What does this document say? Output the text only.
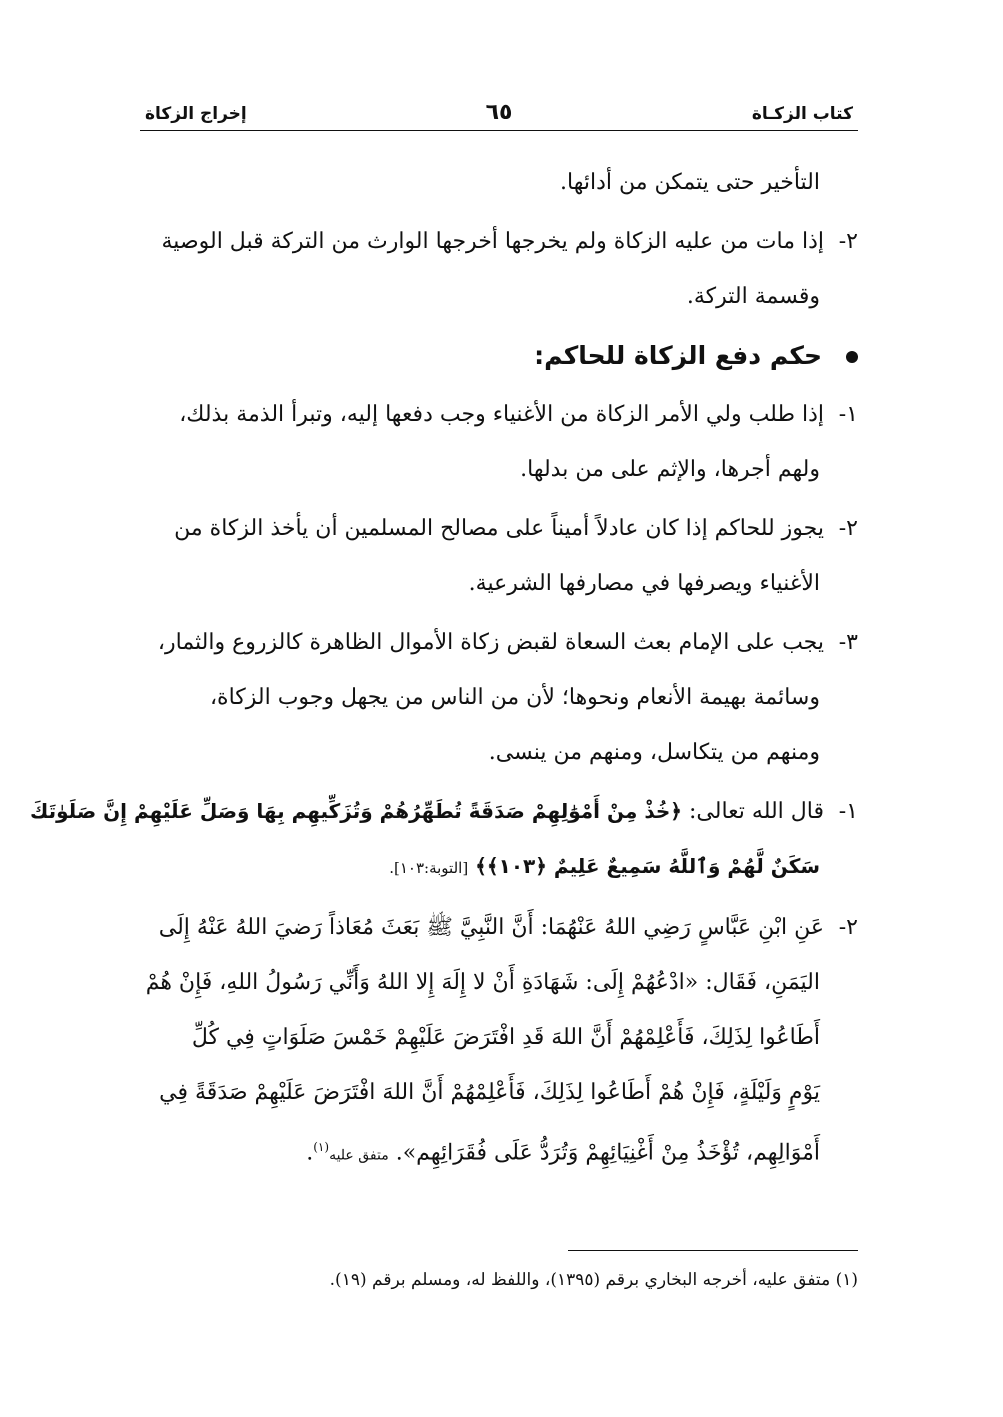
كتاب الزكـاة
٦٥
إخراج الزكاة
التأخير حتى يتمكن من أدائها.
٢-إذا مات من عليه الزكاة ولم يخرجها أخرجها الوارث من التركة قبل الوصية
وقسمة التركة.
حكم دفع الزكاة للحاكم:
١-إذا طلب ولي الأمر الزكاة من الأغنياء وجب دفعها إليه، وتبرأ الذمة بذلك،
ولهم أجرها، والإثم على من بدلها.
٢-يجوز للحاكم إذا كان عادلاً أميناً على مصالح المسلمين أن يأخذ الزكاة من
الأغنياء ويصرفها في مصارفها الشرعية.
٣-يجب على الإمام بعث السعاة لقبض زكاة الأموال الظاهرة كالزروع والثمار،
وسائمة بهيمة الأنعام ونحوها؛ لأن من الناس من يجهل وجوب الزكاة،
ومنهم من يتكاسل، ومنهم من ينسى.
١-قال الله تعالى: ﴿خُذْ مِنْ أَمْوَٰلِهِمْ صَدَقَةً تُطَهِّرُهُمْ وَتُزَكِّيهِم بِهَا وَصَلِّ عَلَيْهِمْ إِنَّ صَلَوٰتَكَ
سَكَنٌ لَّهُمْ وَٱللَّهُ سَمِيعٌ عَلِيمٌ ﴿١٠٣﴾﴾ [التوبة:١٠٣].
٢-عَنِ ابْنِ عَبَّاسٍ رَضِي اللهُ عَنْهُمَا: أَنَّ النَّبِيَّ ﷺ بَعَثَ مُعَاذاً رَضيَ اللهُ عَنْهُ إِلَى
اليَمَنِ، فَقَال: «ادْعُهُمْ إِلَى: شَهَادَةِ أَنْ لا إِلَهَ إِلا اللهُ وَأَنِّي رَسُولُ اللهِ، فَإِنْ هُمْ
أَطَاعُوا لِذَلِكَ، فَأَعْلِمْهُمْ أَنَّ اللهَ قَدِ افْتَرَضَ عَلَيْهِمْ خَمْسَ صَلَوَاتٍ فِي كُلِّ
يَوْمٍ وَلَيْلَةٍ، فَإِنْ هُمْ أَطَاعُوا لِذَلِكَ، فَأَعْلِمْهُمْ أَنَّ اللهَ افْتَرَضَ عَلَيْهِمْ صَدَقَةً فِي
أَمْوَالِهِم، تُؤْخَذُ مِنْ أَغْنِيَائِهِمْ وَتُرَدُّ عَلَى فُقَرَائِهِم». متفق عليه$^{(١)}$.
(١) متفق عليه، أخرجه البخاري برقم (١٣٩٥)، واللفظ له، ومسلم برقم (١٩).
